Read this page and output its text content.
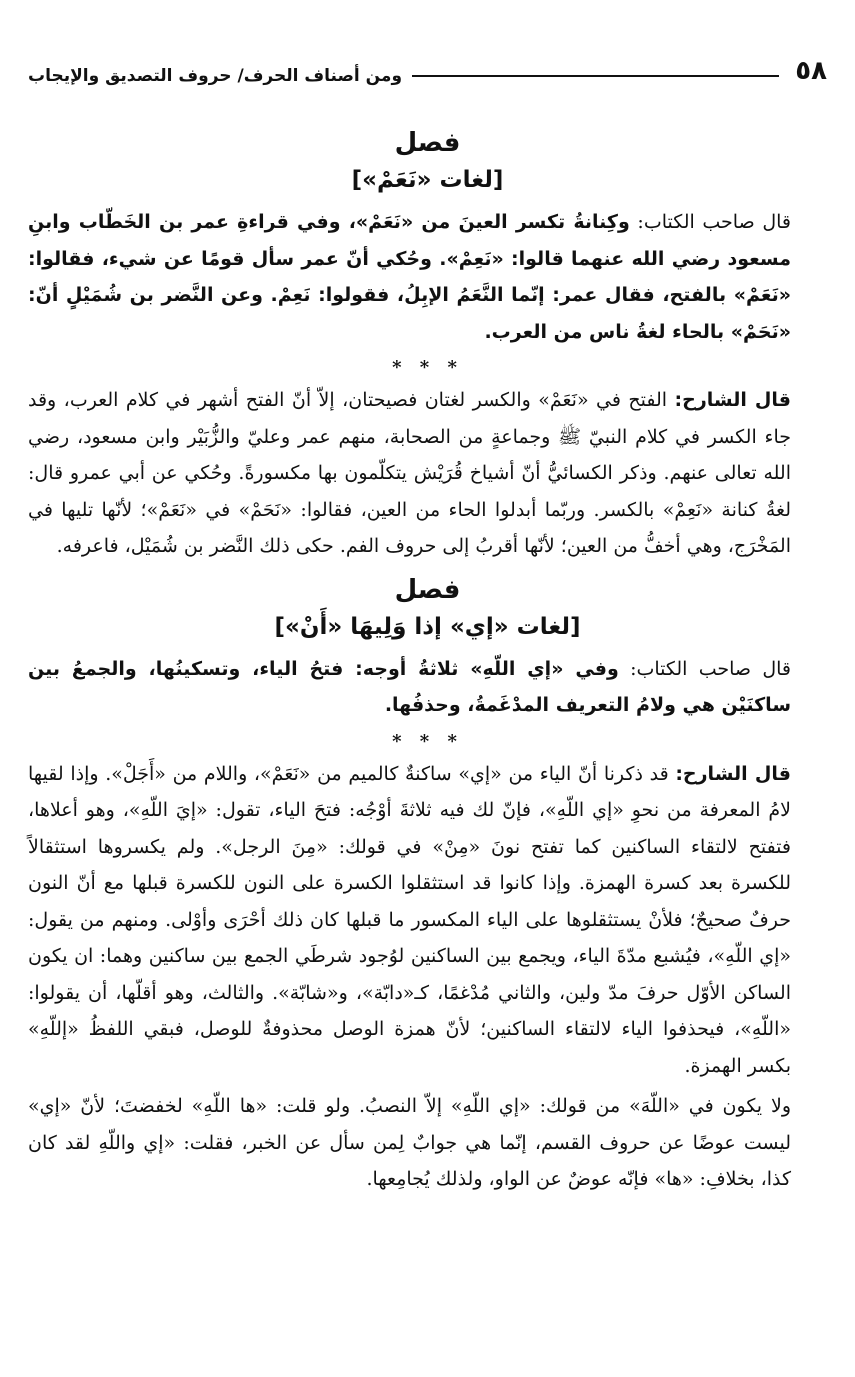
٥٨
ومن أصناف الحرف/ حروف التصديق والإيجاب

فصل

[لغات «نَعَمْ»]

قال صاحب الكتاب: وكِنانةُ تكسر العينَ من «نَعَمْ»، وفي قراءةِ عمر بن الخَطّاب وابنِ مسعود رضي الله عنهما قالوا: «نَعِمْ». وحُكي أنّ عمر سأل قومًا عن شيء، فقالوا: «نَعَمْ» بالفتح، فقال عمر: إنّما النَّعَمُ الإبِلُ، فقولوا: نَعِمْ. وعن النَّضر بن شُمَيْلٍ أنّ: «نَحَمْ» بالحاء لغةُ ناس من العرب.

* * *

قال الشارح: الفتح في «نَعَمْ» والكسر لغتان فصيحتان، إلاّ أنّ الفتح أشهر في كلام العرب، وقد جاء الكسر في كلام النبيّ ﷺ وجماعةٍ من الصحابة، منهم عمر وعليّ والزُّبَيْر وابن مسعود، رضي الله تعالى عنهم. وذكر الكسائيُّ أنّ أشياخ قُرَيْش يتكلّمون بها مكسورةً. وحُكي عن أبي عمرو قال: لغةُ كنانة «نَعِمْ» بالكسر. وربّما أبدلوا الحاء من العين، فقالوا: «نَحَمْ» في «نَعَمْ»؛ لأنّها تليها في المَخْرَج، وهي أخفُّ من العين؛ لأنّها أقربُ إلى حروف الفم. حكى ذلك النَّضر بن شُمَيْل، فاعرفه.

فصل

[لغات «إي» إذا وَلِيهَا «أَنْ»]

قال صاحب الكتاب: وفي «إي اللّهِ» ثلاثةُ أوجه: فتحُ الياء، وتسكينُها، والجمعُ بين ساكنَيْن هي ولامُ التعريف المدْغَمةُ، وحذفُها.

* * *

قال الشارح: قد ذكرنا أنّ الياء من «إي» ساكنةٌ كالميم من «نَعَمْ»، واللام من «أَجَلْ». وإذا لقيها لامُ المعرفة من نحوِ «إي اللّهِ»، فإنّ لك فيه ثلاثةَ أوْجُه: فتحَ الياء، تقول: «إيَ اللّهِ»، وهو أعلاها، فتفتح لالتقاء الساكنين كما تفتح نونَ «مِنْ» في قولك: «مِنَ الرجل». ولم يكسروها استثقالاً للكسرة بعد كسرة الهمزة. وإذا كانوا قد استثقلوا الكسرة على النون للكسرة قبلها مع أنّ النون حرفٌ صحيحٌ؛ فلأنْ يستثقلوها على الياء المكسور ما قبلها كان ذلك أحْرَى وأوْلى. ومنهم من يقول: «إي اللّهِ»، فيُشبع مدّةَ الياء، ويجمع بين الساكنين لوُجود شرطَي الجمع بين ساكنين وهما: ان يكون الساكن الأوّل حرفَ مدّ ولين، والثاني مُدْغمًا، كـ«دابّة»، و«شابّة». والثالث، وهو أقلّها، أن يقولوا: «اللّهِ»، فيحذفوا الياء لالتقاء الساكنين؛ لأنّ همزة الوصل محذوفةٌ للوصل، فبقي اللفظُ «إللّهِ» بكسر الهمزة.

ولا يكون في «اللّهَ» من قولك: «إي اللّهِ» إلاّ النصبُ. ولو قلت: «ها اللّهِ» لخفضتَ؛ لأنّ «إي» ليست عوضًا عن حروف القسم، إنّما هي جوابٌ لِمن سأل عن الخبر، فقلت: «إي واللّهِ لقد كان كذا، بخلافِ: «ها» فإنّه عوضٌ عن الواو، ولذلك يُجامِعها.
